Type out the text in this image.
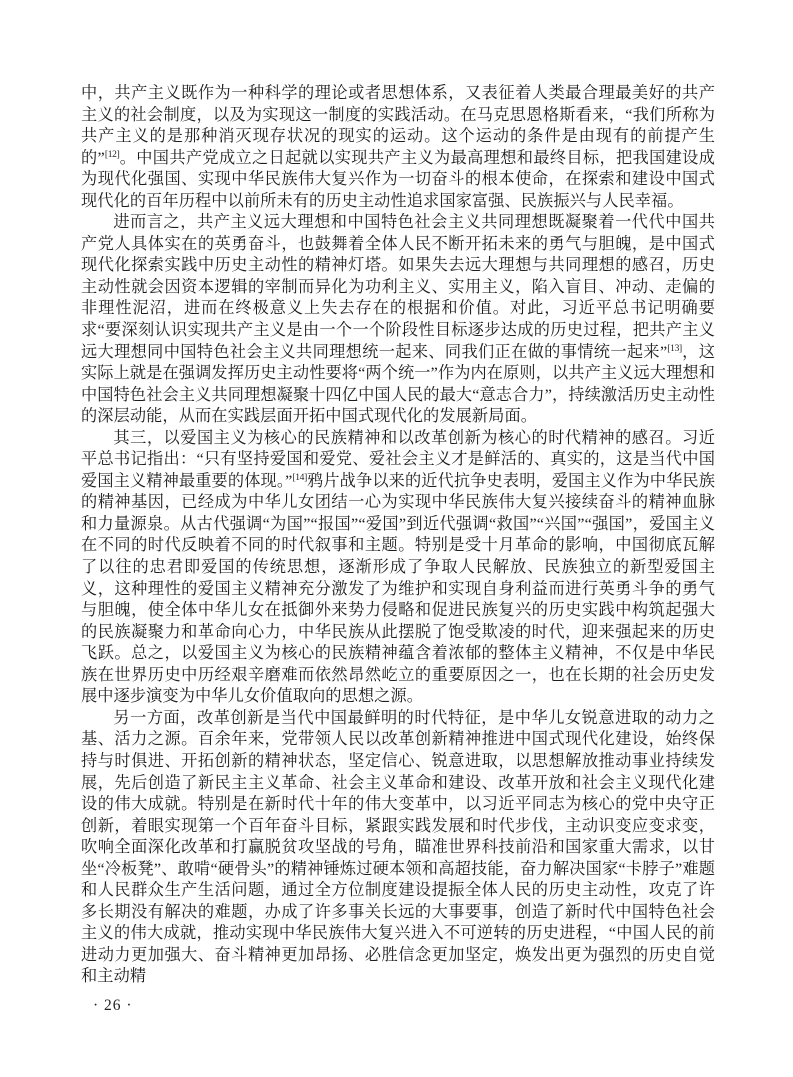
中，共产主义既作为一种科学的理论或者思想体系，又表征着人类最合理最美好的共产主义的社会制度，以及为实现这一制度的实践活动。在马克思恩格斯看来，“我们所称为共产主义的是那种消灭现存状况的现实的运动。这个运动的条件是由现有的前提产生的”[12]。中国共产党成立之日起就以实现共产主义为最高理想和最终目标，把我国建设成为现代化强国、实现中华民族伟大复兴作为一切奋斗的根本使命，在探索和建设中国式现代化的百年历程中以前所未有的历史主动性追求国家富强、民族振兴与人民幸福。

进而言之，共产主义远大理想和中国特色社会主义共同理想既凝聚着一代代中国共产党人具体实在的英勇奋斗，也鼓舞着全体人民不断开拓未来的勇气与胆魄，是中国式现代化探索实践中历史主动性的精神灯塔。如果失去远大理想与共同理想的感召，历史主动性就会因资本逻辑的宰制而异化为功利主义、实用主义，陷入盲目、冲动、走偏的非理性泥沼，进而在终极意义上失去存在的根据和价值。对此，习近平总书记明确要求“要深刻认识实现共产主义是由一个一个阶段性目标逐步达成的历史过程，把共产主义远大理想同中国特色社会主义共同理想统一起来、同我们正在做的事情统一起来”[13]，这实际上就是在强调发挥历史主动性要将“两个统一”作为内在原则，以共产主义远大理想和中国特色社会主义共同理想凝聚十四亿中国人民的最大“意志合力”，持续激活历史主动性的深层动能，从而在实践层面开拓中国式现代化的发展新局面。

其三，以爱国主义为核心的民族精神和以改革创新为核心的时代精神的感召。习近平总书记指出：“只有坚持爱国和爱党、爱社会主义才是鲜活的、真实的，这是当代中国爱国主义精神最重要的体现。”[14]鸦片战争以来的近代抗争史表明，爱国主义作为中华民族的精神基因，已经成为中华儿女团结一心为实现中华民族伟大复兴接续奋斗的精神血脉和力量源泉。从古代强调“为国”“报国”“爱国”到近代强调“救国”“兴国”“强国”，爱国主义在不同的时代反映着不同的时代叙事和主题。特别是受十月革命的影响，中国彻底瓦解了以往的忠君即爱国的传统思想，逐渐形成了争取人民解放、民族独立的新型爱国主义，这种理性的爱国主义精神充分激发了为维护和实现自身利益而进行英勇斗争的勇气与胆魄，使全体中华儿女在抵御外来势力侵略和促进民族复兴的历史实践中构筑起强大的民族凝聚力和革命向心力，中华民族从此摆脱了饱受欺凌的时代，迎来强起来的历史飞跃。总之，以爱国主义为核心的民族精神蕴含着浓郁的整体主义精神，不仅是中华民族在世界历史中历经艰辛磨难而依然昂然屹立的重要原因之一，也在长期的社会历史发展中逐步演变为中华儿女价值取向的思想之源。

另一方面，改革创新是当代中国最鲜明的时代特征，是中华儿女锐意进取的动力之基、活力之源。百余年来，党带领人民以改革创新精神推进中国式现代化建设，始终保持与时俱进、开拓创新的精神状态，坚定信心、锐意进取，以思想解放推动事业持续发展，先后创造了新民主主义革命、社会主义革命和建设、改革开放和社会主义现代化建设的伟大成就。特别是在新时代十年的伟大变革中，以习近平同志为核心的党中央守正创新，着眼实现第一个百年奋斗目标，紧跟实践发展和时代步伐，主动识变应变求变，吹响全面深化改革和打赢脱贫攻坚战的号角，瞄准世界科技前沿和国家重大需求，以甘坐“冷板凳”、敢啃“硬骨头”的精神锤炼过硬本领和高超技能，奋力解决国家“卡脖子”难题和人民群众生产生活问题，通过全方位制度建设提振全体人民的历史主动性，攻克了许多长期没有解决的难题，办成了许多事关长远的大事要事，创造了新时代中国特色社会主义的伟大成就，推动实现中华民族伟大复兴进入不可逆转的历史进程，“中国人民的前进动力更加强大、奋斗精神更加昂扬、必胜信念更加坚定，焕发出更为强烈的历史自觉和主动精

· 26 ·
